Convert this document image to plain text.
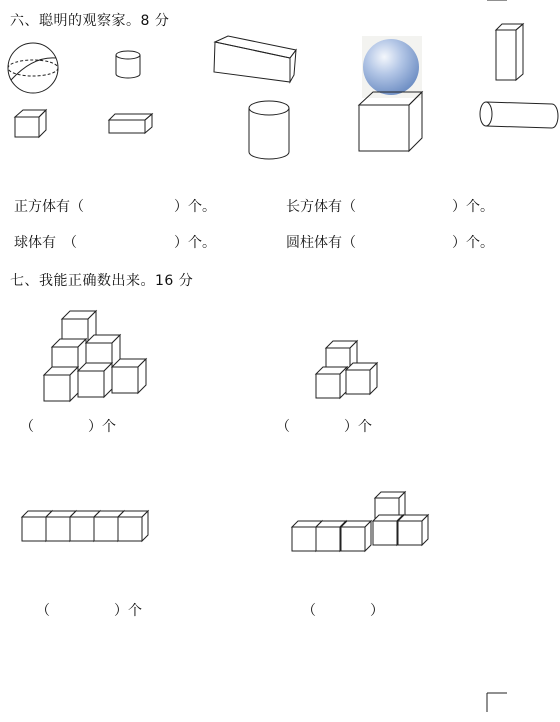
六、聪明的观察家。8 分
正方体有（	）个。	长方体有（	）个。
球体有　（	）个。	圆柱体有（	）个。
七、我能正确数出来。16 分
（	）个	（	）个
（	）个	（	）
